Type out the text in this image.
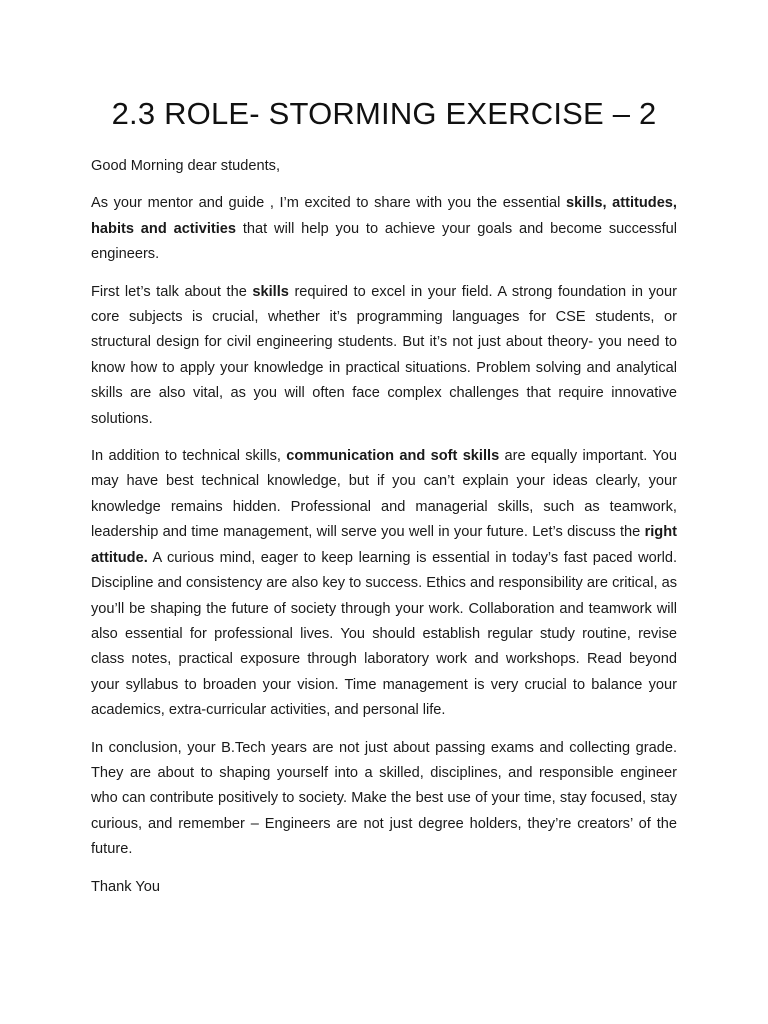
2.3 ROLE- STORMING EXERCISE – 2

Good Morning dear students,

As your mentor and guide , I’m excited to share with you the essential skills, attitudes, habits and activities that will help you to achieve your goals and become successful engineers.

First let’s talk about the skills required to excel in your field. A strong foundation in your core subjects is crucial, whether it’s programming languages for CSE students, or structural design for civil engineering students. But it’s not just about theory- you need to know how to apply your knowledge in practical situations. Problem solving and analytical skills are also vital, as you will often face complex challenges that require innovative solutions.

In addition to technical skills, communication and soft skills are equally important. You may have best technical knowledge, but if you can’t explain your ideas clearly, your knowledge remains hidden. Professional and managerial skills, such as teamwork, leadership and time management, will serve you well in your future. Let’s discuss the right attitude. A curious mind, eager to keep learning is essential in today’s fast paced world. Discipline and consistency are also key to success. Ethics and responsibility are critical, as you’ll be shaping the future of society through your work. Collaboration and teamwork will also essential for professional lives. You should establish regular study routine, revise class notes, practical exposure through laboratory work and workshops. Read beyond your syllabus to broaden your vision. Time management is very crucial to balance your academics, extra-curricular activities, and personal life.

In conclusion, your B.Tech years are not just about passing exams and collecting grade. They are about to shaping yourself into a skilled, disciplines, and responsible engineer who can contribute positively to society. Make the best use of your time, stay focused, stay curious, and remember – Engineers are not just degree holders, they’re creators’ of the future.

Thank You
